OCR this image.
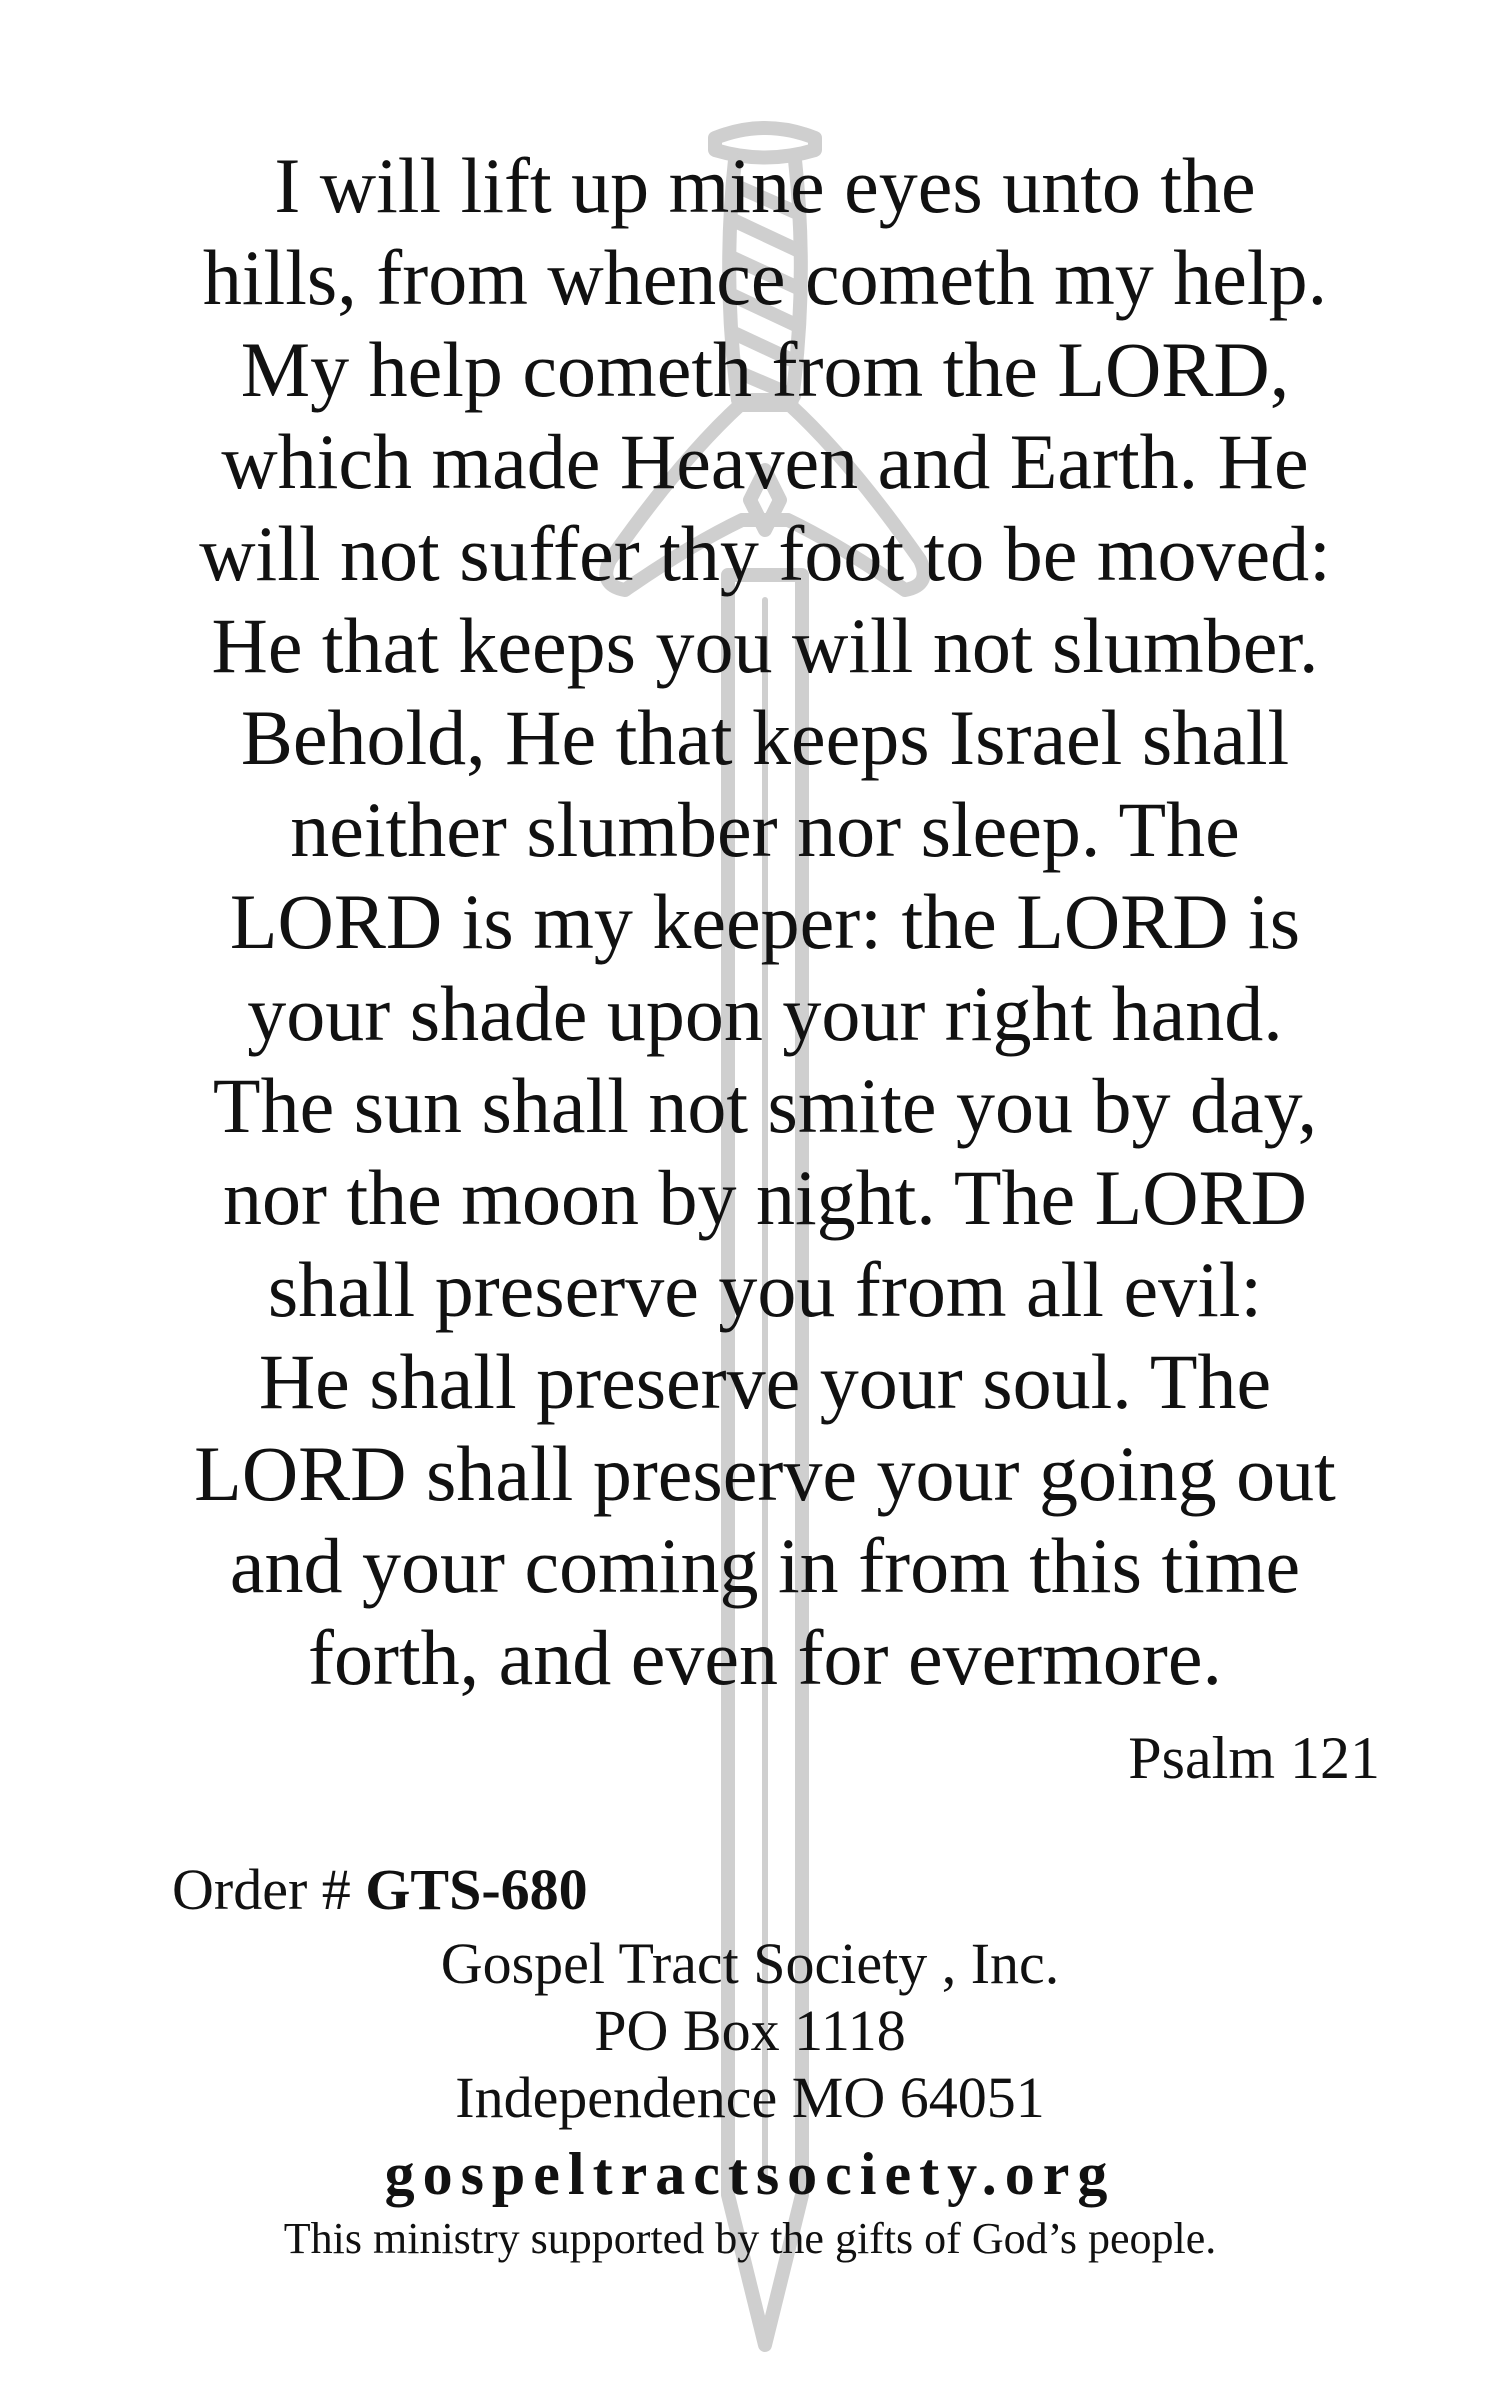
I will lift up mine eyes unto the
hills, from whence cometh my help.
My help cometh from the LORD,
which made Heaven and Earth. He
will not suffer thy foot to be moved:
He that keeps you will not slumber.
Behold, He that keeps Israel shall
neither slumber nor sleep. The
LORD is my keeper: the LORD is
your shade upon your right hand.
The sun shall not smite you by day,
nor the moon by night. The LORD
shall preserve you from all evil:
He shall preserve your soul. The
LORD shall preserve your going out
and your coming in from this time
forth, and even for evermore.
Psalm 121
Order # GTS-680
Gospel Tract Society , Inc.
PO Box 1118
Independence MO 64051
gospeltractsociety.org
This ministry supported by the gifts of God’s people.
